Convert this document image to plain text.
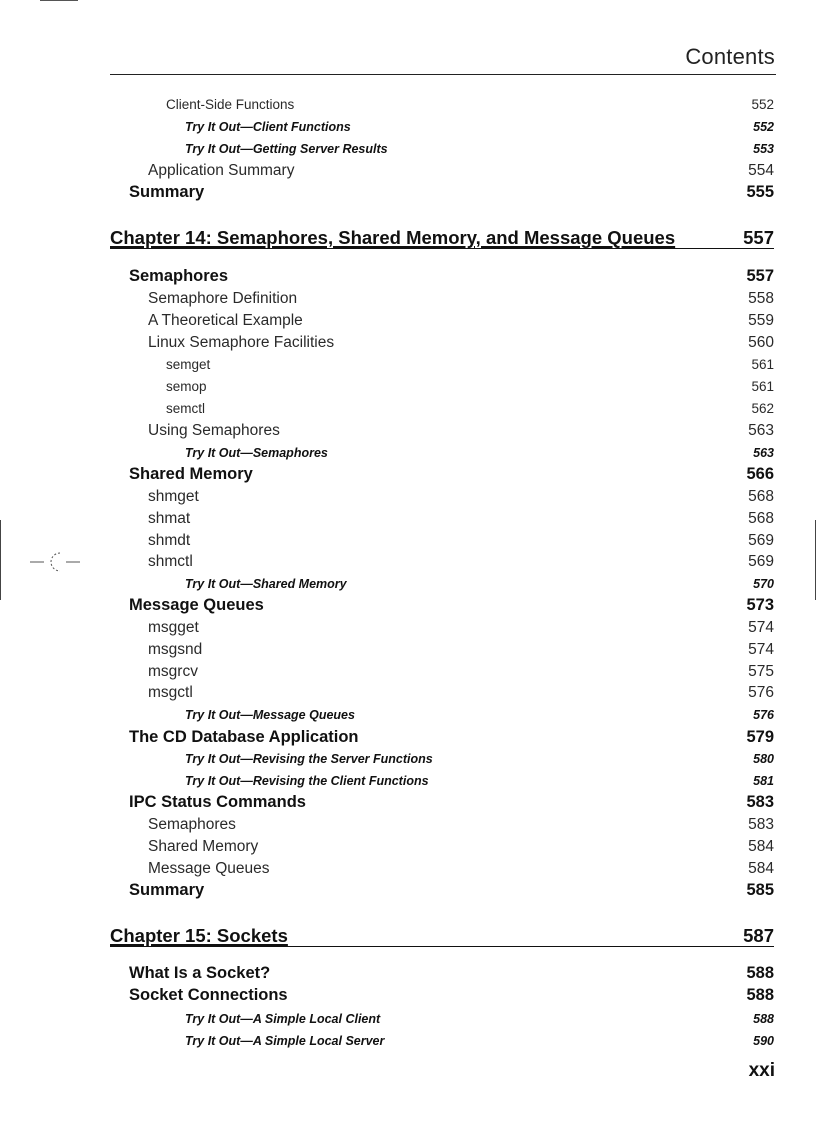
Contents
Client-Side Functions	552
Try It Out—Client Functions	552
Try It Out—Getting Server Results	553
Application Summary	554
Summary	555
Chapter 14: Semaphores, Shared Memory, and Message Queues	557
Semaphores	557
Semaphore Definition	558
A Theoretical Example	559
Linux Semaphore Facilities	560
semget	561
semop	561
semctl	562
Using Semaphores	563
Try It Out—Semaphores	563
Shared Memory	566
shmget	568
shmat	568
shmdt	569
shmctl	569
Try It Out—Shared Memory	570
Message Queues	573
msgget	574
msgsnd	574
msgrcv	575
msgctl	576
Try It Out—Message Queues	576
The CD Database Application	579
Try It Out—Revising the Server Functions	580
Try It Out—Revising the Client Functions	581
IPC Status Commands	583
Semaphores	583
Shared Memory	584
Message Queues	584
Summary	585
Chapter 15: Sockets	587
What Is a Socket?	588
Socket Connections	588
Try It Out—A Simple Local Client	588
Try It Out—A Simple Local Server	590
xxi
